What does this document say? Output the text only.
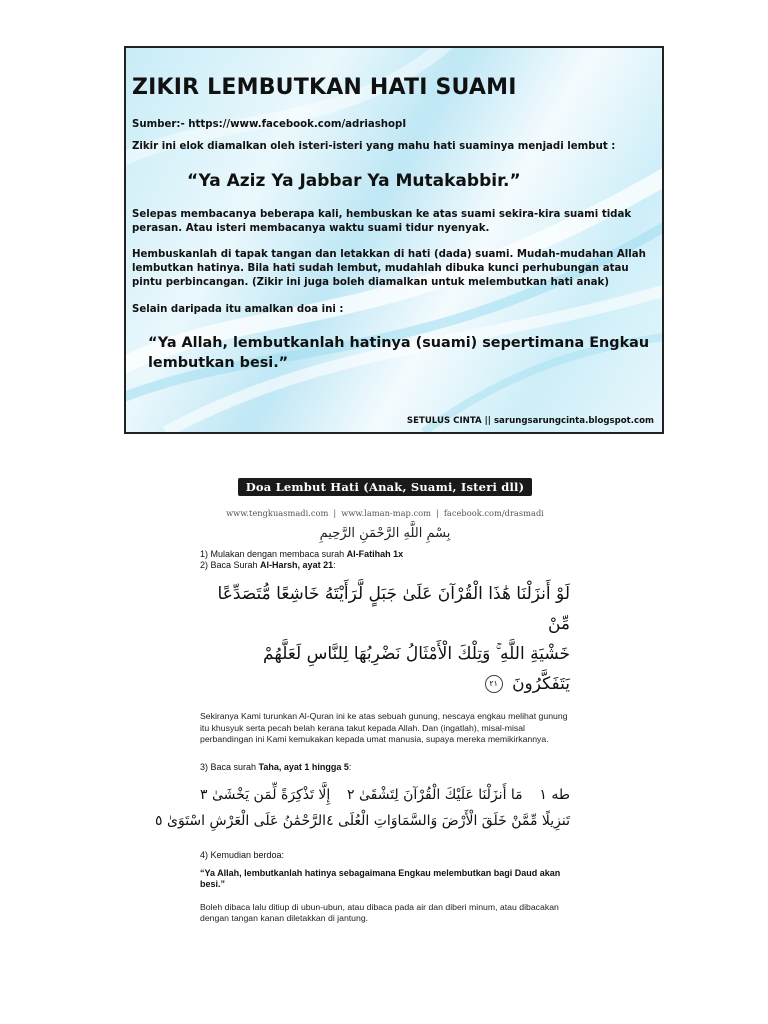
ZIKIR LEMBUTKAN HATI SUAMI

Sumber:- https://www.facebook.com/adriashopI

Zikir ini elok diamalkan oleh isteri-isteri yang mahu hati suaminya menjadi lembut :

“Ya Aziz Ya Jabbar Ya Mutakabbir.”

Selepas membacanya beberapa kali, hembuskan ke atas suami sekira-kira suami tidak perasan. Atau isteri membacanya waktu suami tidur nyenyak.

Hembuskanlah di tapak tangan dan letakkan di hati (dada) suami. Mudah-mudahan Allah lembutkan hatinya. Bila hati sudah lembut, mudahlah dibuka kunci perhubungan atau pintu perbincangan. (Zikir ini juga boleh diamalkan untuk melembutkan hati anak)

Selain daripada itu amalkan doa ini :

“Ya Allah, lembutkanlah hatinya (suami) sepertimana Engkau lembutkan besi.”
SETULUS CINTA || sarungsarungcinta.blogspot.com
Doa Lembut Hati (Anak, Suami, Isteri dll)
www.tengkuasmadi.com | www.laman-map.com | facebook.com/drasmadi
بِسْمِ اللَّهِ الرَّحْمَنِ الرَّحِيمِ

1) Mulakan dengan membaca surah Al-Fatihah 1x

2) Baca Surah Al-Harsh, ayat 21:

لَوْ أَنزَلْنَا هَٰذَا الْقُرْآنَ عَلَىٰ جَبَلٍ لَّرَأَيْتَهُ خَاشِعًا مُّتَصَدِّعًا مِّنْ
خَشْيَةِ اللَّهِ ۚ وَتِلْكَ الْأَمْثَالُ نَضْرِبُهَا لِلنَّاسِ لَعَلَّهُمْ
يَتَفَكَّرُونَ ٢١
Sekiranya Kami turunkan Al-Quran ini ke atas sebuah gunung, nescaya engkau melihat gunung itu khusyuk serta pecah belah kerana takut kepada Allah. Dan (ingatlah), misal-misal perbandingan ini Kami kemukakan kepada umat manusia, supaya mereka memikirkannya.
3) Baca surah Taha, ayat 1 hingga 5:
طه ١
مَا أَنزَلْنَا عَلَيْكَ الْقُرْآنَ لِتَشْقَىٰ ٢
إِلَّا تَذْكِرَةً لِّمَن يَخْشَىٰ ٣
تَنزِيلًا مِّمَّنْ خَلَقَ الْأَرْضَ وَالسَّمَاوَاتِ الْعُلَى ٤
الرَّحْمَٰنُ عَلَى الْعَرْشِ اسْتَوَىٰ ٥
4) Kemudian berdoa:
“Ya Allah, lembutkanlah hatinya sebagaimana Engkau melembutkan bagi Daud akan besi.”
Boleh dibaca lalu ditiup di ubun-ubun, atau dibaca pada air dan diberi minum, atau dibacakan dengan tangan kanan diletakkan di jantung.
